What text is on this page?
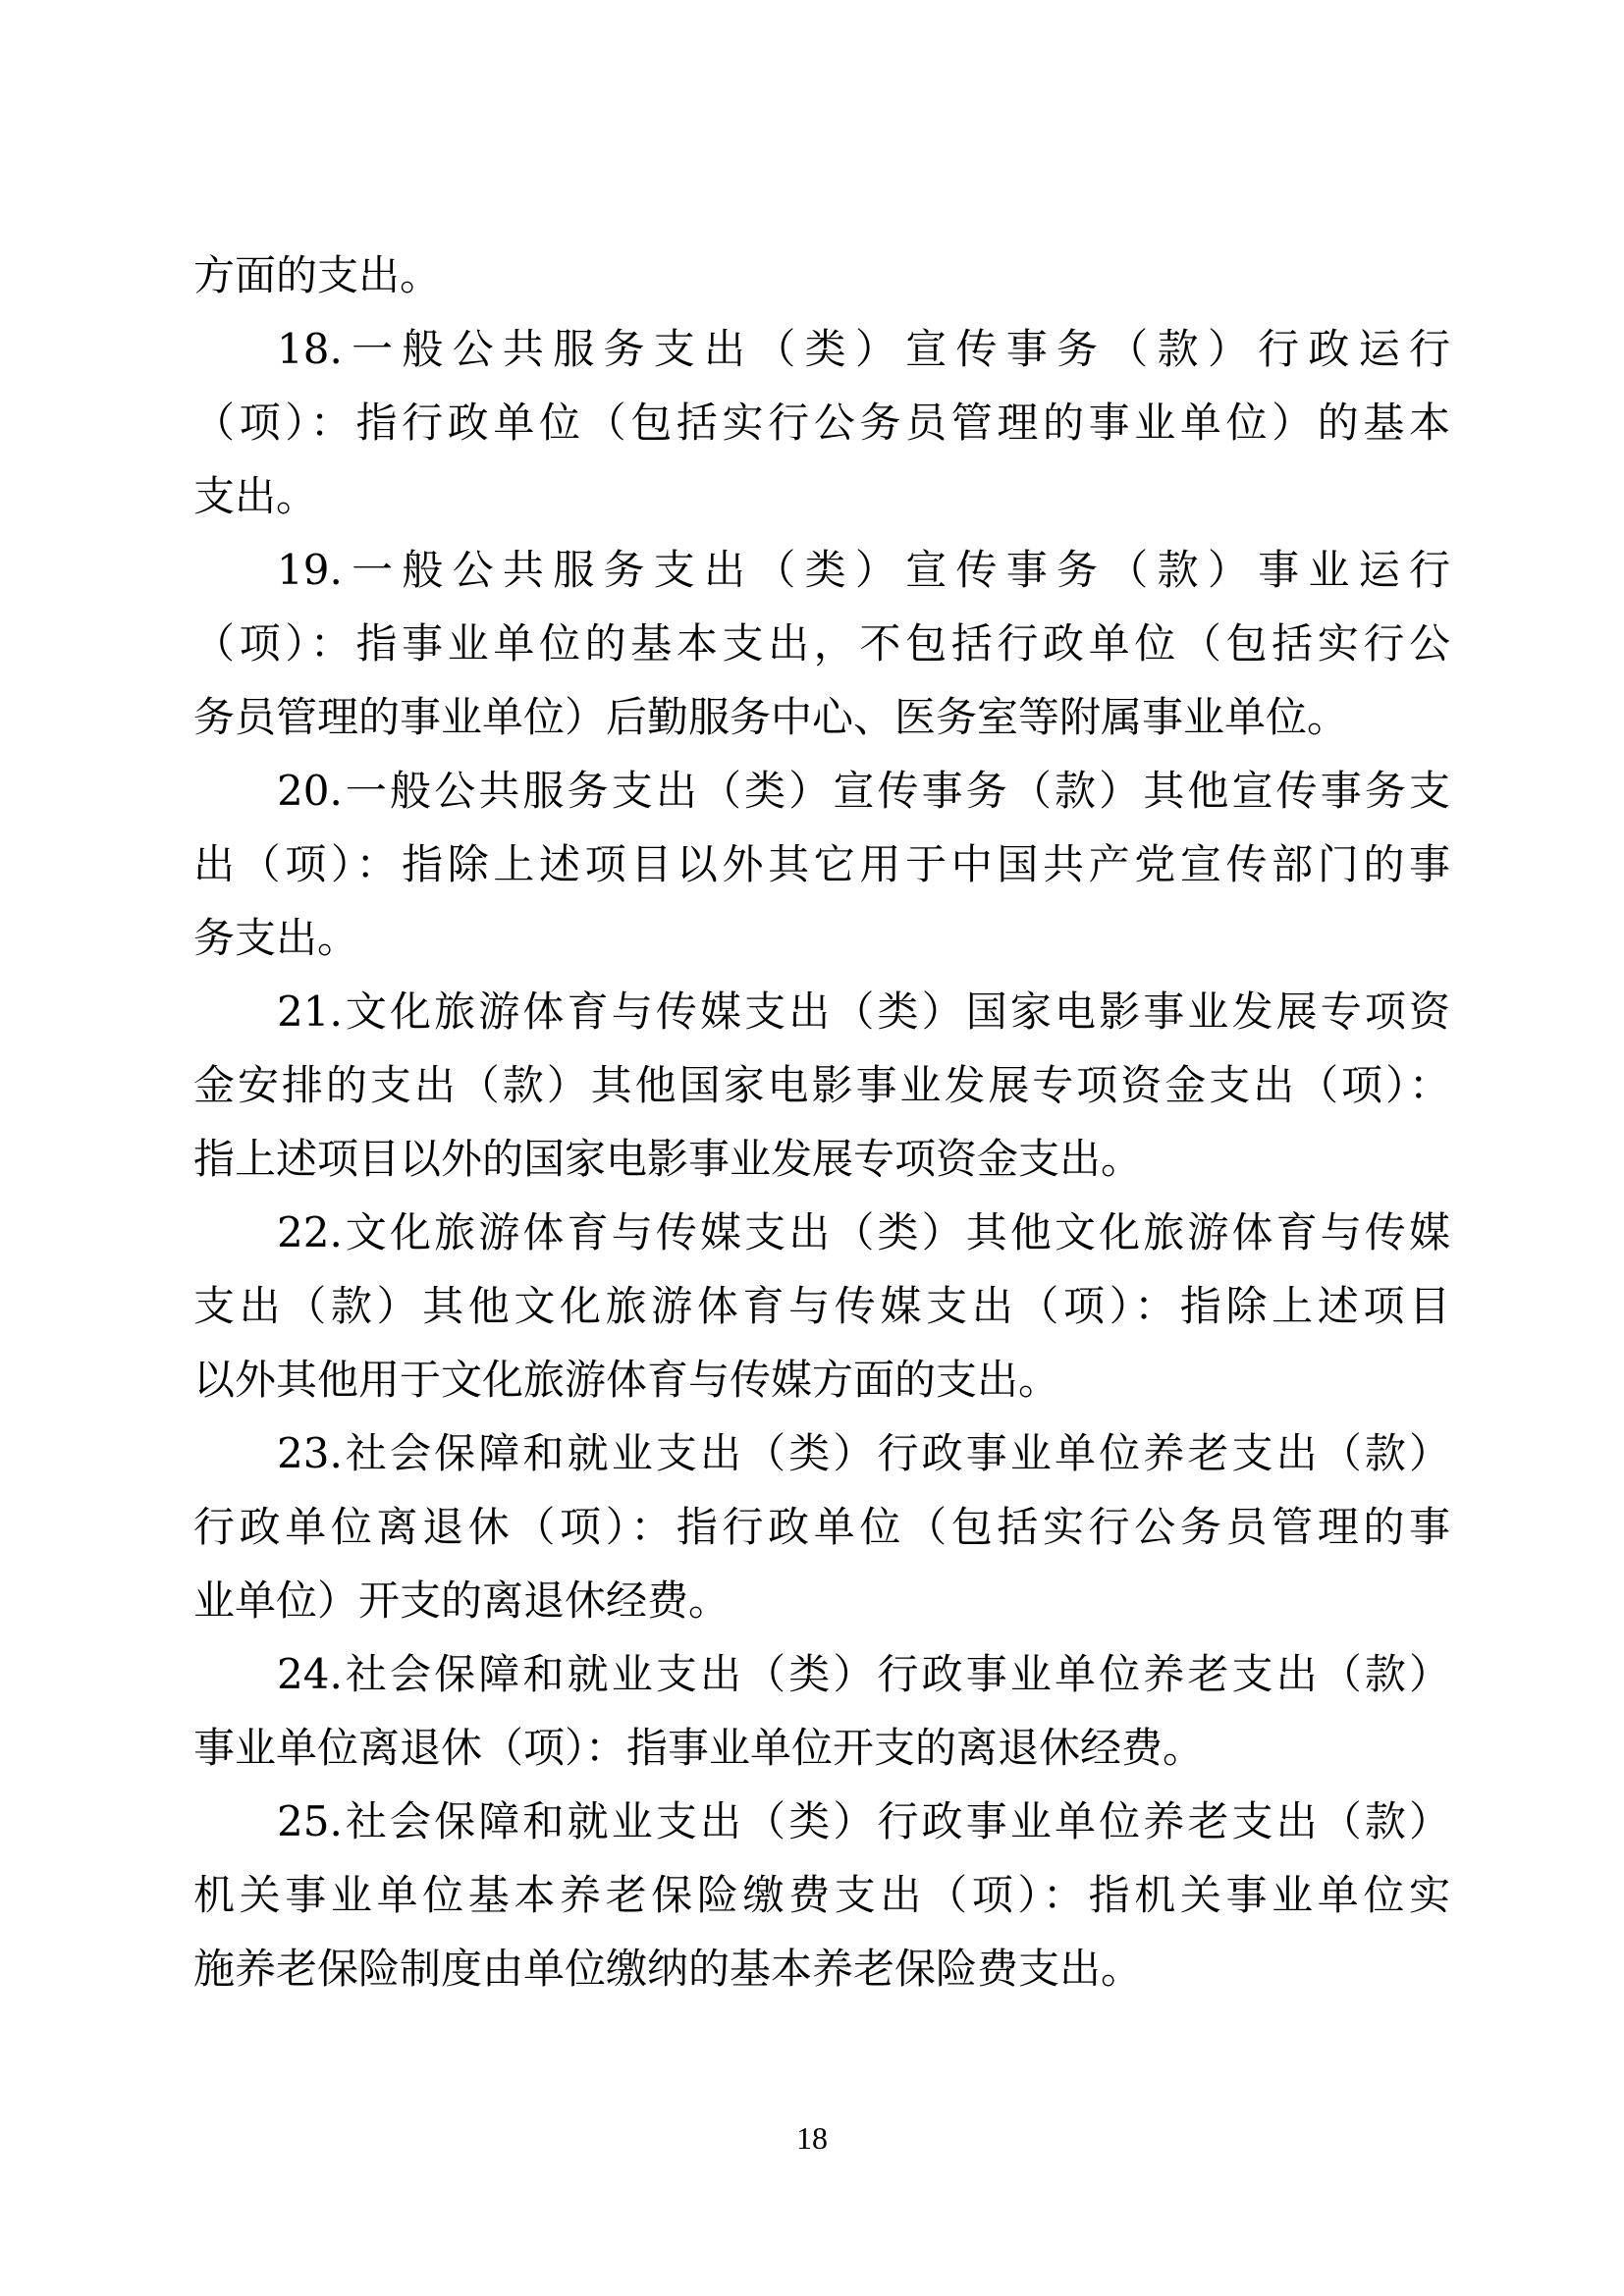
方面的支出。
18.一般公共服务支出（类）宣传事务（款）行政运行
（项）：指行政单位（包括实行公务员管理的事业单位）的基本
支出。
19.一般公共服务支出（类）宣传事务（款）事业运行
（项）：指事业单位的基本支出，不包括行政单位（包括实行公
务员管理的事业单位）后勤服务中心、医务室等附属事业单位。
20.一般公共服务支出（类）宣传事务（款）其他宣传事务支
出（项）：指除上述项目以外其它用于中国共产党宣传部门的事
务支出。
21.文化旅游体育与传媒支出（类）国家电影事业发展专项资
金安排的支出（款）其他国家电影事业发展专项资金支出（项）：
指上述项目以外的国家电影事业发展专项资金支出。
22.文化旅游体育与传媒支出（类）其他文化旅游体育与传媒
支出（款）其他文化旅游体育与传媒支出（项）：指除上述项目
以外其他用于文化旅游体育与传媒方面的支出。
23.社会保障和就业支出（类）行政事业单位养老支出（款）
行政单位离退休（项）：指行政单位（包括实行公务员管理的事
业单位）开支的离退休经费。
24.社会保障和就业支出（类）行政事业单位养老支出（款）
事业单位离退休（项）：指事业单位开支的离退休经费。
25.社会保障和就业支出（类）行政事业单位养老支出（款）
机关事业单位基本养老保险缴费支出（项）：指机关事业单位实
施养老保险制度由单位缴纳的基本养老保险费支出。
18
